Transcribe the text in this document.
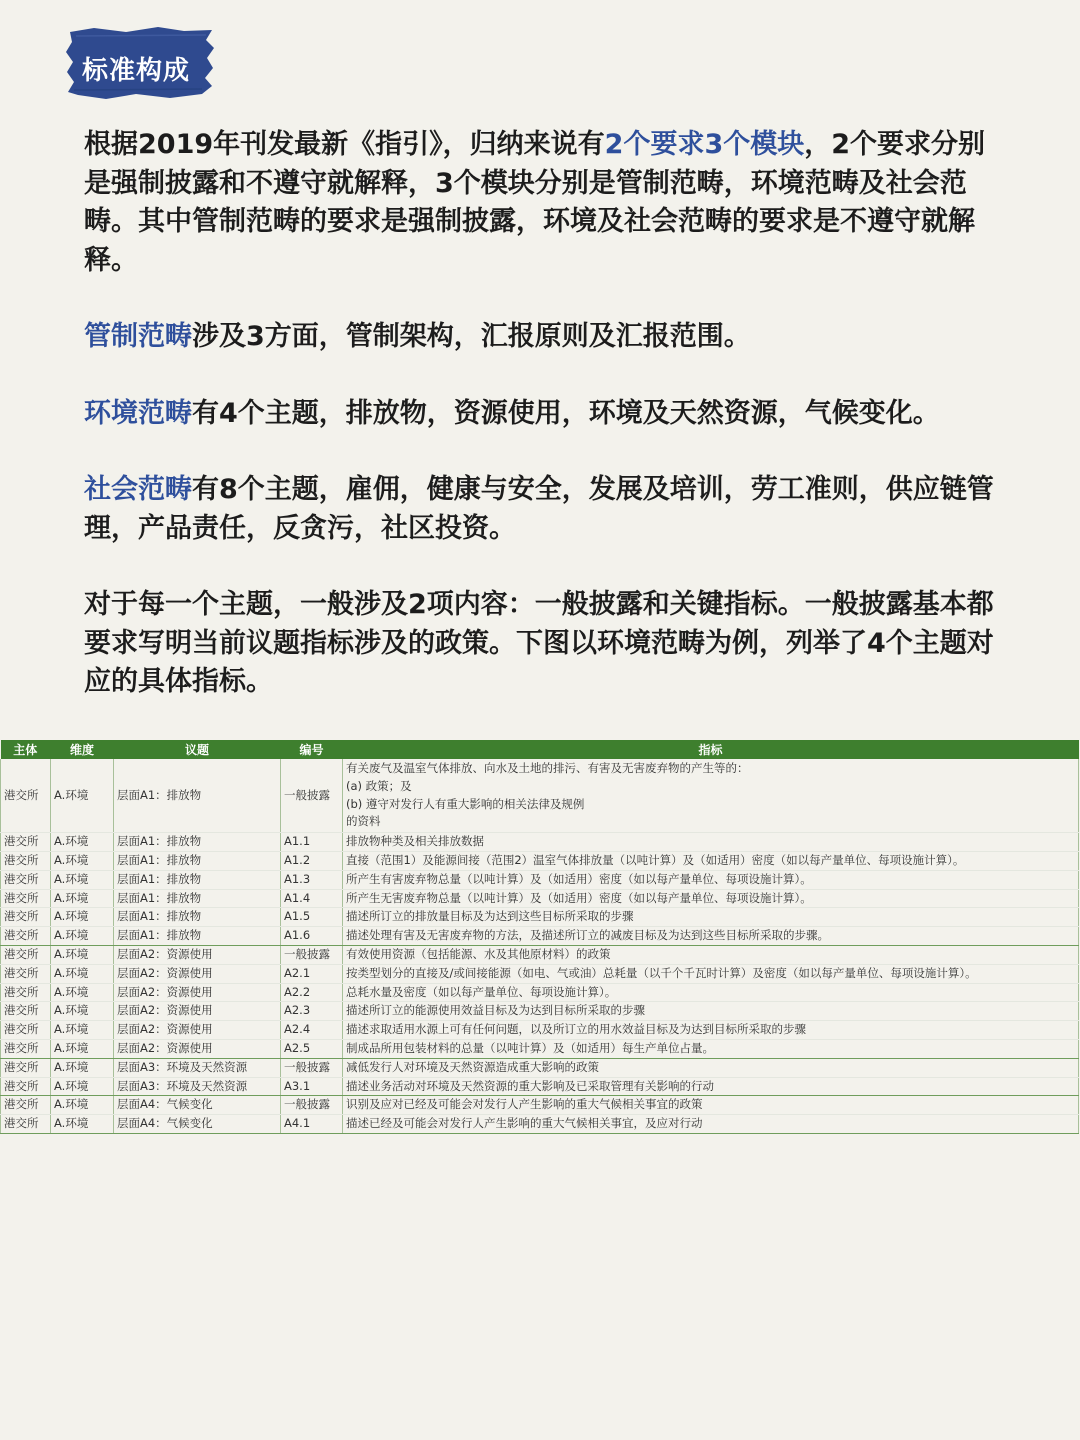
标准构成

根据2019年刊发最新《指引》，归纳来说有2个要求3个模块，2个要求分别是强制披露和不遵守就解释，3个模块分别是管制范畴，环境范畴及社会范畴。其中管制范畴的要求是强制披露，环境及社会范畴的要求是不遵守就解释。

管制范畴涉及3方面，管制架构，汇报原则及汇报范围。

环境范畴有4个主题，排放物，资源使用，环境及天然资源，气候变化。

社会范畴有8个主题，雇佣，健康与安全，发展及培训，劳工准则，供应链管理，产品责任，反贪污，社区投资。

对于每一个主题，一般涉及2项内容：一般披露和关键指标。一般披露基本都要求写明当前议题指标涉及的政策。下图以环境范畴为例，列举了4个主题对应的具体指标。

主体	维度	议题	编号	指标
港交所	A.环境	层面A1：排放物	一般披露	有关废气及温室气体排放、向水及土地的排污、有害及无害废弃物的产生等的：
(a) 政策；及
(b) 遵守对发行人有重大影响的相关法律及规例
的资料

港交所	A.环境	层面A1：排放物	A1.1	排放物种类及相关排放数据
港交所	A.环境	层面A1：排放物	A1.2	直接（范围1）及能源间接（范围2）温室气体排放量（以吨计算）及（如适用）密度（如以每产量单位、每项设施计算）。
港交所	A.环境	层面A1：排放物	A1.3	所产生有害废弃物总量（以吨计算）及（如适用）密度（如以每产量单位、每项设施计算）。
港交所	A.环境	层面A1：排放物	A1.4	所产生无害废弃物总量（以吨计算）及（如适用）密度（如以每产量单位、每项设施计算）。
港交所	A.环境	层面A1：排放物	A1.5	描述所订立的排放量目标及为达到这些目标所采取的步骤
港交所	A.环境	层面A1：排放物	A1.6	描述处理有害及无害废弃物的方法，及描述所订立的减废目标及为达到这些目标所采取的步骤。
港交所	A.环境	层面A2：资源使用	一般披露	有效使用资源（包括能源、水及其他原材料）的政策
港交所	A.环境	层面A2：资源使用	A2.1	按类型划分的直接及/或间接能源（如电、气或油）总耗量（以千个千瓦时计算）及密度（如以每产量单位、每项设施计算）。
港交所	A.环境	层面A2：资源使用	A2.2	总耗水量及密度（如以每产量单位、每项设施计算）。
港交所	A.环境	层面A2：资源使用	A2.3	描述所订立的能源使用效益目标及为达到目标所采取的步骤
港交所	A.环境	层面A2：资源使用	A2.4	描述求取适用水源上可有任何问题，以及所订立的用水效益目标及为达到目标所采取的步骤
港交所	A.环境	层面A2：资源使用	A2.5	制成品所用包装材料的总量（以吨计算）及（如适用）每生产单位占量。
港交所	A.环境	层面A3：环境及天然资源	一般披露	减低发行人对环境及天然资源造成重大影响的政策
港交所	A.环境	层面A3：环境及天然资源	A3.1	描述业务活动对环境及天然资源的重大影响及已采取管理有关影响的行动
港交所	A.环境	层面A4：气候变化	一般披露	识别及应对已经及可能会对发行人产生影响的重大气候相关事宜的政策
港交所	A.环境	层面A4：气候变化	A4.1	描述已经及可能会对发行人产生影响的重大气候相关事宜，及应对行动
